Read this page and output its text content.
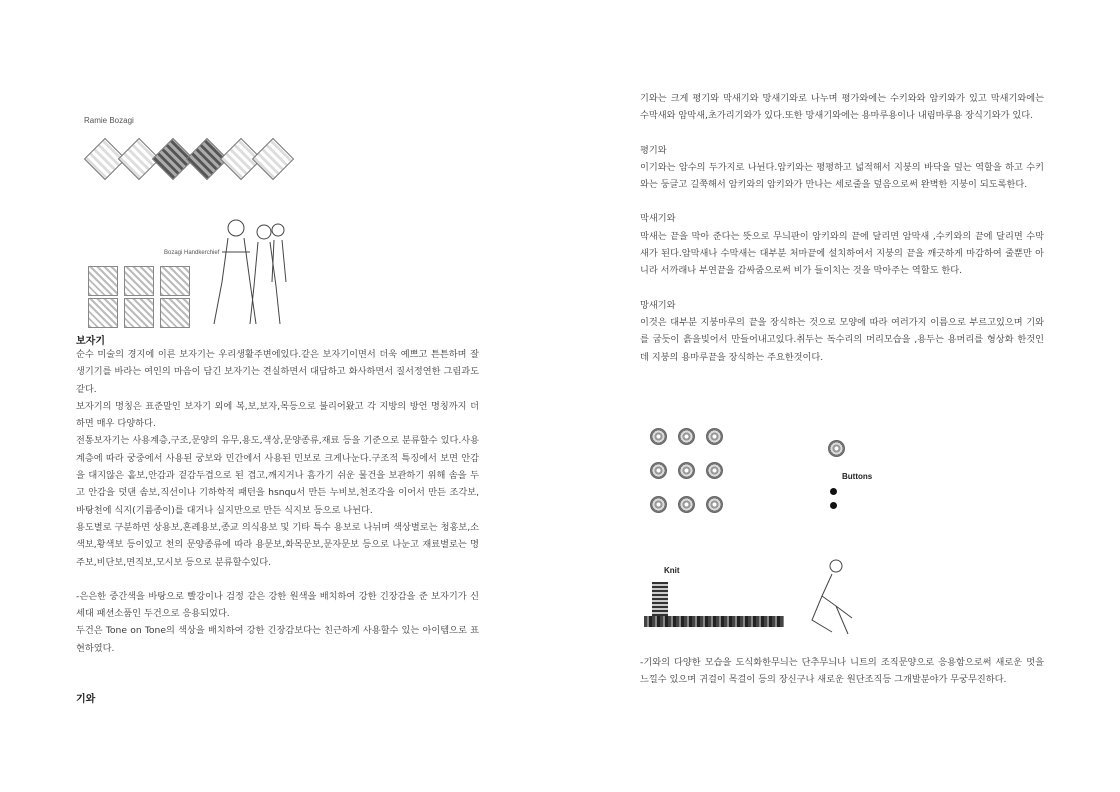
Ramie Bozagi
Bozagi Handkerchief
보자기

순수 미술의 경지에 이른 보자기는 우리생활주변에있다.같은 보자기이면서 더욱 예쁘고 튼튼하며 잘생기기를 바라는 여인의 마음이 담긴 보자기는 견실하면서 대담하고 화사하면서 질서정연한 그림과도 같다.

보자기의 명칭은 표준말인 보자기 외에 복,보,보자,목등으로 불리어왔고 각 지방의 방언 명칭까지 더하면 매우 다양하다.

전통보자기는 사용계층,구조,문양의 유무,용도,색상,문양종류,재료 등을 기준으로 분류할수 있다.사용계층에 따라 궁중에서 사용된 궁보와 민간에서 사용된 민보로 크게나눈다.구조적 특징에서 보면 안감을 대지않은 홑보,안감과 겉감두겹으로 된 겹고,깨지거나 흠가기 쉬운 물건을 보관하기 위해 솜을 두고 안감을 덧댄 솜보,직선이나 기하학적 패턴을 hsnqu서 만든 누비보,천조각을 이어서 만든 조각보,바탕천에 식지(기름종이)를 대거나 실지만으로 만든 식지보 등으로 나뉜다.

용도별로 구분하면 상용보,혼례용보,종교 의식용보 및 기타 특수 용보로 나뉘며 색상별로는 청홍보,소색보,황색보 등이있고 천의 문양종류에 따라 용문보,화목문보,문자문보 등으로 나눈고 재료별로는 명주보,비단보,면직보,모시보 등으로 분류할수있다.

-은은한 중간색을 바탕으로 빨강이나 검정 같은 강한 원색을 배치하여 강한 긴장감을 준 보자기가 신세대 패션소품인 두건으로 응용되었다.

두건은 Tone on Tone의 색상을 배치하여 강한 긴장감보다는 친근하게 사용할수 있는 아이템으로 표현하였다.

기와

기와는 크게 평기와 막새기와 망새기와로 나누며 평가와에는 수키와와 암키와가 있고 막새기와에는 수막새와 암막새,초가리기와가 있다.또한 망새기와에는 용마루용이나 내림마루용 장식기와가 있다.

평기와

이기와는 암수의 두가지로 나뉜다.암키와는 평평하고 넓적해서 지붕의 바닥을 덮는 역할을 하고 수키와는 둥글고 길쭉해서 암키와의 암키와가 만나는 세로줄을 덮음으로써 완벽한 지붕이 되도록한다.

막새기와

막새는 끝을 막아 준다는 뜻으로 무늬판이 암키와의 끝에 달리면 암막새 ,수키와의 끝에 달리면 수막새가 된다.암막새나 수막새는 대부분 처마끝에 설치하여서 지붕의 끝을 깨긋하게 마감하여 줄뿐만 아니라 서까래나 부연끝을 감싸줌으로써 비가 들이치는 것을 막아주는 역할도 한다.

망새기와

이것은 대부분 지붕마루의 끝을 장식하는 것으로 모양에 따라 여러가지 이름으로 부르고있으며 기와를 굽듯이 흙을빚어서 만들어내고있다.취두는 독수리의 머리모습을 ,용두는 용머리를 형상화 한것인데 지붕의 용마루끝을 장식하는 주요한것이다.

Buttons
Knit

-기와의 다양한 모습을 도식화한무늬는 단추무늬나 니트의 조직문양으로 응용함으로써 새로운 멋을 느낄수 있으며 귀걸이 목걸이 등의 장신구나 새로운 원단조직등 그개발분야가 무궁무진하다.
